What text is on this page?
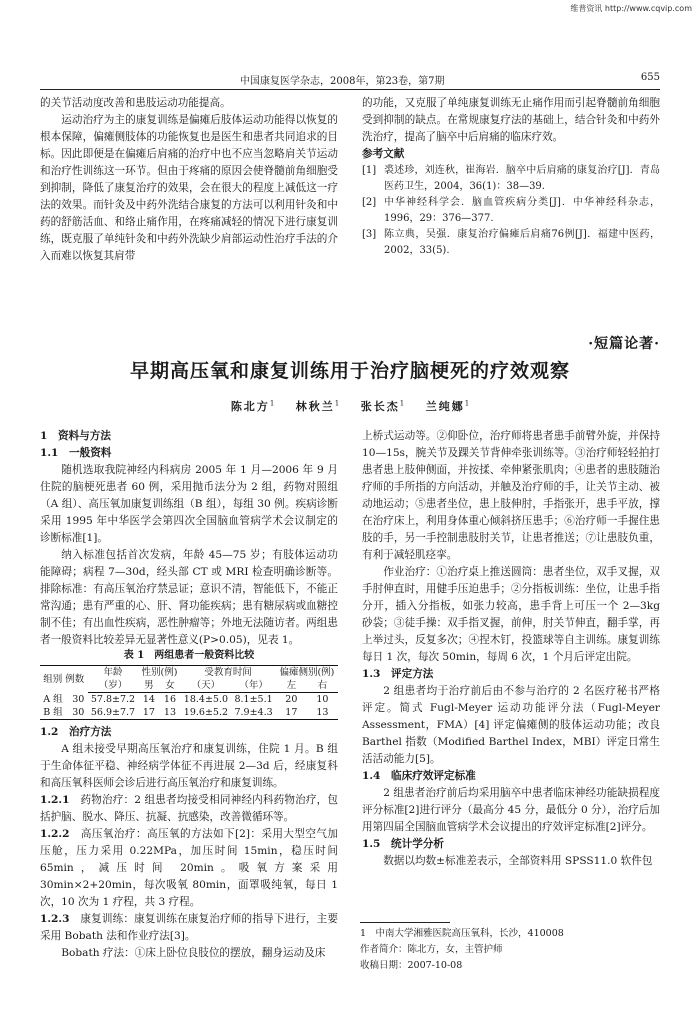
维普资讯 http://www.cqvip.com
中国康复医学杂志，2008年，第23卷，第7期	655

的关节活动度改善和患肢运动功能提高。

运动治疗为主的康复训练是偏瘫后肢体运动功能得以恢复的根本保障，偏瘫侧肢体的功能恢复也是医生和患者共同追求的目标。因此即便是在偏瘫后肩痛的治疗中也不应当忽略肩关节运动和治疗性训练这一环节。但由于疼痛的原因会使脊髓前角细胞受到抑制，降低了康复治疗的效果，会在很大的程度上减低这一疗法的效果。而针灸及中药外洗结合康复的方法可以利用针灸和中药的舒筋活血、和络止痛作用，在疼痛减轻的情况下进行康复训练，既克服了单纯针灸和中药外洗缺少肩部运动性治疗手法的介入而难以恢复其肩带

的功能，又克服了单纯康复训练无止痛作用而引起脊髓前角细胞受到抑制的缺点。在常规康复疗法的基础上，结合针灸和中药外洗治疗，提高了脑卒中后肩痛的临床疗效。

参考文献

[1] 裘述珍，刘连秋，崔海岩．脑卒中后肩痛的康复治疗[J]．青岛医药卫生，2004，36(1)：38—39.
[2] 中华神经科学会．脑血管疾病分类[J]．中华神经科杂志，1996，29：376—377.
[3] 陈立典，吴强．康复治疗偏瘫后肩痛76例[J]．福建中医药，2002，33(5).
·短篇论著·
早期高压氧和康复训练用于治疗脑梗死的疗效观察
陈北方$^1$ 林秋兰$^1$ 张长杰$^1$ 兰纯娜$^1$

1　资料与方法

1.1　一般资料

随机选取我院神经内科病房 2005 年 1 月—2006 年 9 月住院的脑梗死患者 60 例，采用抛币法分为 2 组，药物对照组（A 组）、高压氧加康复训练组（B 组），每组 30 例。疾病诊断采用 1995 年中华医学会第四次全国脑血管病学术会议制定的诊断标准[1]。

纳入标准包括首次发病，年龄 45—75 岁；有肢体运动功能障碍；病程 7—30d，经头部 CT 或 MRI 检查明确诊断等。排除标准：有高压氧治疗禁忌证；意识不清，智能低下，不能正常沟通；患有严重的心、肝、肾功能疾病；患有糖尿病或血糖控制不佳；有出血性疾病，恶性肿瘤等；外地无法随访者。两组患者一般资料比较差异无显著性意义(P>0.05)，见表 1。

表 1　两组患者一般资料比较
组别 例数	年龄	性别(例)		受教育时间		偏瘫侧别(例)	
	（岁）	男	女	（天）	（年）	左	右
A 组　 30	57.8±7.2	14	16	18.4±5.0	8.1±5.1	20	10
B 组　 30	56.9±7.7	17	13	19.6±5.2	7.9±4.3	17	13

1.2　治疗方法

A 组未接受早期高压氧治疗和康复训练，住院 1 月。B 组于生命体征平稳、神经病学体征不再进展 2—3d 后，经康复科和高压氧科医师会诊后进行高压氧治疗和康复训练。

1.2.1　 药物治疗：2 组患者均接受相同神经内科药物治疗，包括护脑、脱水、降压、抗凝、抗感染，改善微循环等。

1.2.2　 高压氧治疗：高压氧的方法如下[2]：采用大型空气加压舱，压力采用 0.22MPa，加压时间 15min，稳压时间 65min，减压时间 20min。吸氧方案采用 30min×2+20min，每次吸氧 80min，面罩吸纯氧，每日 1 次，10 次为 1 疗程，共 3 疗程。

1.2.3　 康复训练：康复训练在康复治疗师的指导下进行，主要采用 Bobath 法和作业疗法[3]。

Bobath 疗法：①床上卧位良肢位的摆放，翻身运动及床

上桥式运动等。②仰卧位，治疗师将患者患手前臂外旋，并保持 10—15s，腕关节及踝关节背伸牵张训练等。③治疗师轻轻拍打患者患上肢伸侧面，并按揉、牵伸紧张肌肉；④患者的患肢随治疗师的手所指的方向活动，并触及治疗师的手，让关节主动、被动地运动；⑤患者坐位，患上肢伸肘，手指张开，患手平放，撑在治疗床上，利用身体重心倾斜挤压患手；⑥治疗师一手握住患肢的手，另一手控制患肢肘关节，让患者推送；⑦让患肢负重，有利于减轻肌痉挛。

作业治疗：①治疗桌上推送圆筒：患者坐位，双手叉握，双手肘伸直时，用健手压迫患手；②分指板训练：坐位，让患手指分开，插入分指板，如张力较高，患手背上可压一个 2—3kg 砂袋；③徒手操：双手指叉握，前伸，肘关节伸直，翻手掌，再上举过头，反复多次；④捏木钉，投篮球等自主训练。康复训练每日 1 次，每次 50min，每周 6 次，1 个月后评定出院。

1.3　评定方法

2 组患者均于治疗前后由不参与治疗的 2 名医疗秘书严格评定。简式 Fugl-Meyer 运动功能评分法（Fugl-Meyer Assessment，FMA）[4] 评定偏瘫侧的肢体运动功能；改良 Barthel 指数（Modified Barthel Index，MBI）评定日常生活活动能力[5]。

1.4　临床疗效评定标准

2 组患者治疗前后均采用脑卒中患者临床神经功能缺损程度评分标准[2]进行评分（最高分 45 分，最低分 0 分），治疗后加用第四届全国脑血管病学术会议提出的疗效评定标准[2]评分。

1.5　统计学分析

数据以均数±标准差表示，全部资料用 SPSS11.0 软件包

1　中南大学湘雅医院高压氧科，长沙，410008
作者简介：陈北方，女，主管护师
收稿日期：2007-10-08
